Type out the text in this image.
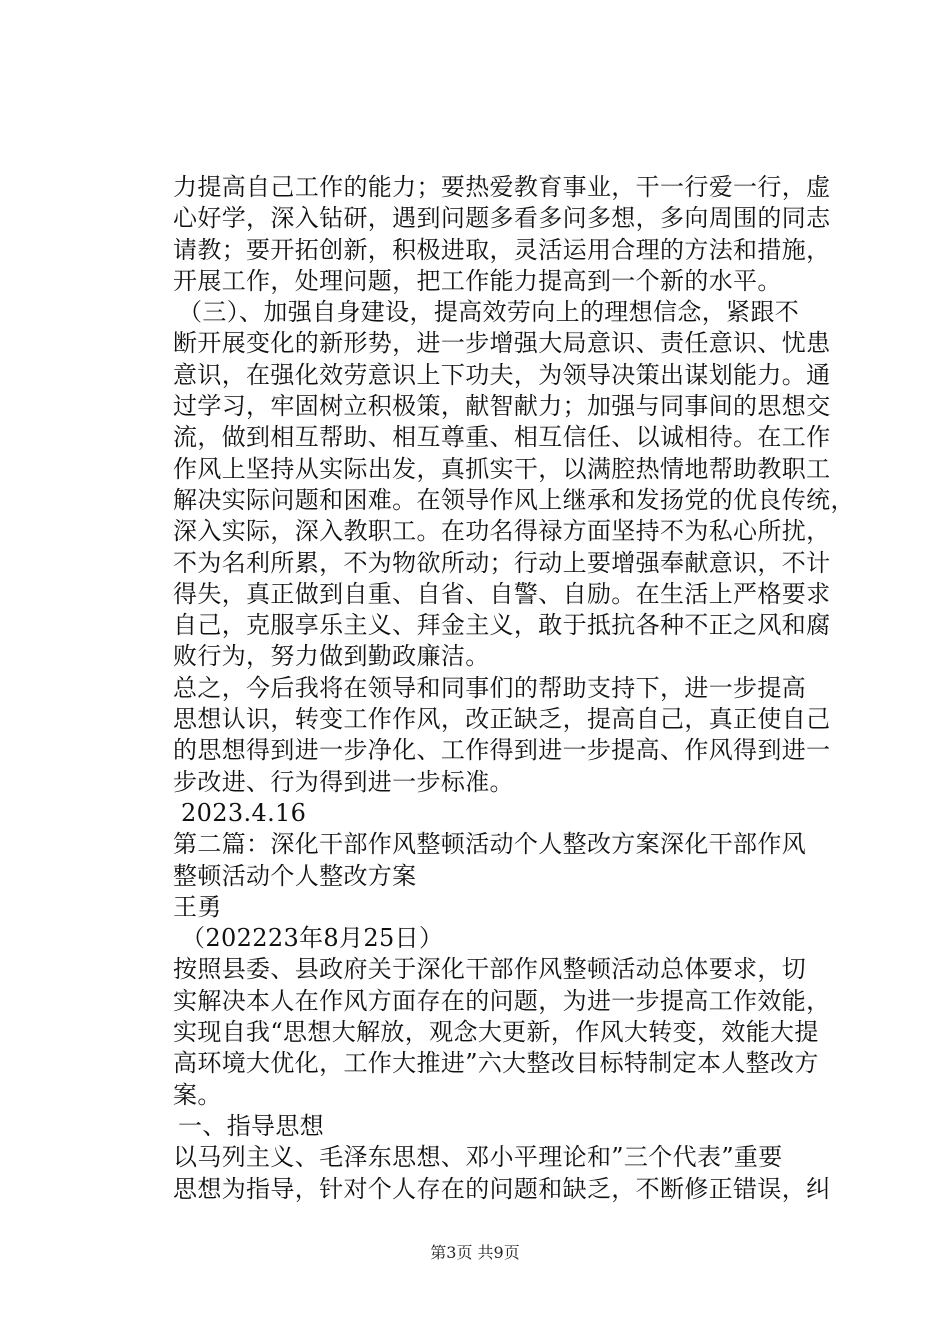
力提高自己工作的能力；要热爱教育事业，干一行爱一行，虚
心好学，深入钻研，遇到问题多看多问多想，多向周围的同志
请教；要开拓创新，积极进取，灵活运用合理的方法和措施，
开展工作，处理问题，把工作能力提高到一个新的水平。
（三）、加强自身建设，提高效劳向上的理想信念，紧跟不
断开展变化的新形势，进一步增强大局意识、责任意识、忧患
意识，在强化效劳意识上下功夫，为领导决策出谋划能力。通
过学习，牢固树立积极策，献智献力；加强与同事间的思想交
流，做到相互帮助、相互尊重、相互信任、以诚相待。在工作
作风上坚持从实际出发，真抓实干，以满腔热情地帮助教职工
解决实际问题和困难。在领导作风上继承和发扬党的优良传统，
深入实际，深入教职工。在功名得禄方面坚持不为私心所扰，
不为名利所累，不为物欲所动；行动上要增强奉献意识，不计
得失，真正做到自重、自省、自警、自励。在生活上严格要求
自己，克服享乐主义、拜金主义，敢于抵抗各种不正之风和腐
败行为，努力做到勤政廉洁。
总之，今后我将在领导和同事们的帮助支持下，进一步提高
思想认识，转变工作作风，改正缺乏，提高自己，真正使自己
的思想得到进一步净化、工作得到进一步提高、作风得到进一
步改进、行为得到进一步标准。
2023.4.16
第二篇：深化干部作风整顿活动个人整改方案深化干部作风
整顿活动个人整改方案
王勇
（202223年8月25日）
按照县委、县政府关于深化干部作风整顿活动总体要求，切
实解决本人在作风方面存在的问题，为进一步提高工作效能，
实现自我“思想大解放，观念大更新，作风大转变，效能大提
高环境大优化，工作大推进”六大整改目标特制定本人整改方
案。
一、指导思想
以马列主义、毛泽东思想、邓小平理论和”三个代表”重要
思想为指导，针对个人存在的问题和缺乏，不断修正错误，纠
第3页 共9页
